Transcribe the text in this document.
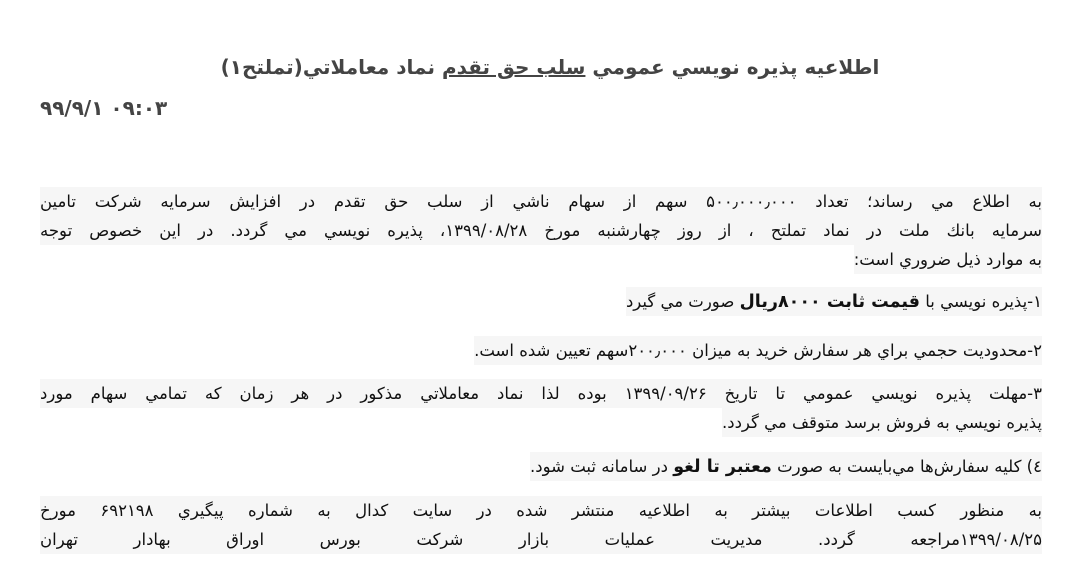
اطلاعيه پذيره نويسي عمومي سلب حق تقدم نماد معاملاتي(تملتح۱)
۹۹/۹/۱ ۰۹:۰۳
به اطلاع مي رساند؛ تعداد ۵۰۰٫۰۰۰٫۰۰۰ سهم از سهام ناشي از سلب حق تقدم در افزايش سرمايه شركت تامين
سرمايه بانك ملت در نماد تملتح ، از روز چهارشنبه مورخ ۱۳۹۹/۰۸/۲۸، پذيره نويسي مي گردد. در اين خصوص توجه
به موارد ذيل ضروري است:
۱-پذيره نويسي با قيمت ثابت ۸۰۰۰ريال صورت مي گيرد
۲-محدوديت حجمي براي هر سفارش خريد به ميزان ۲۰۰٫۰۰۰سهم تعيين شده است.
۳-مهلت پذيره نويسي عمومي تا تاريخ ۱۳۹۹/۰۹/۲۶ بوده لذا نماد معاملاتي مذكور در هر زمان كه تمامي سهام مورد
پذيره نويسي به فروش برسد متوقف مي گردد.
٤) كليه سفارش‌ها مي‌بايست به صورت معتبر تا لغو در سامانه ثبت شود.
به منظور كسب اطلاعات بيشتر به اطلاعيه منتشر شده در سايت كدال به شماره پيگيري ۶۹۲۱۹۸ مورخ
۱۳۹۹/۰۸/۲۵مراجعه گردد. مديريت عمليات بازار شركت بورس اوراق بهادار تهران
